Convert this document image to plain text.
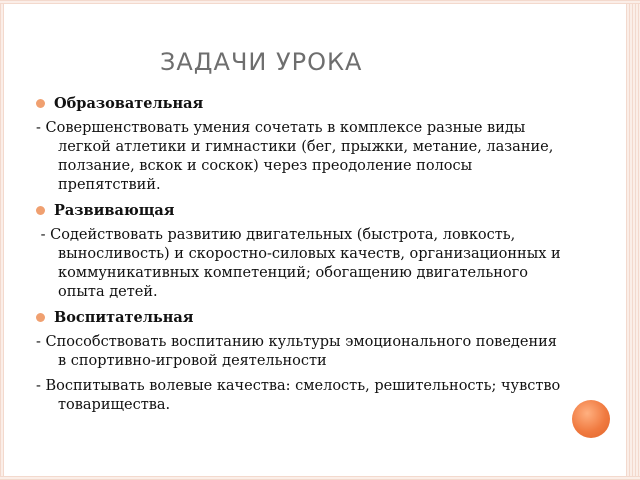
ЗАДАЧИ УРОКА
Образовательная
- Совершенствовать умения сочетать в комплексе разные виды легкой атлетики и гимнастики (бег, прыжки, метание, лазание, ползание, вскок и соскок) через преодоление полосы препятствий.
Развивающая
- Содействовать развитию двигательных (быстрота, ловкость, выносливость) и скоростно-силовых качеств, организационных и коммуникативных компетенций; обогащению двигательного опыта детей.
Воспитательная
- Способствовать воспитанию культуры эмоционального поведения в спортивно-игровой деятельности
- Воспитывать волевые качества: смелость, решительность; чувство товарищества.
